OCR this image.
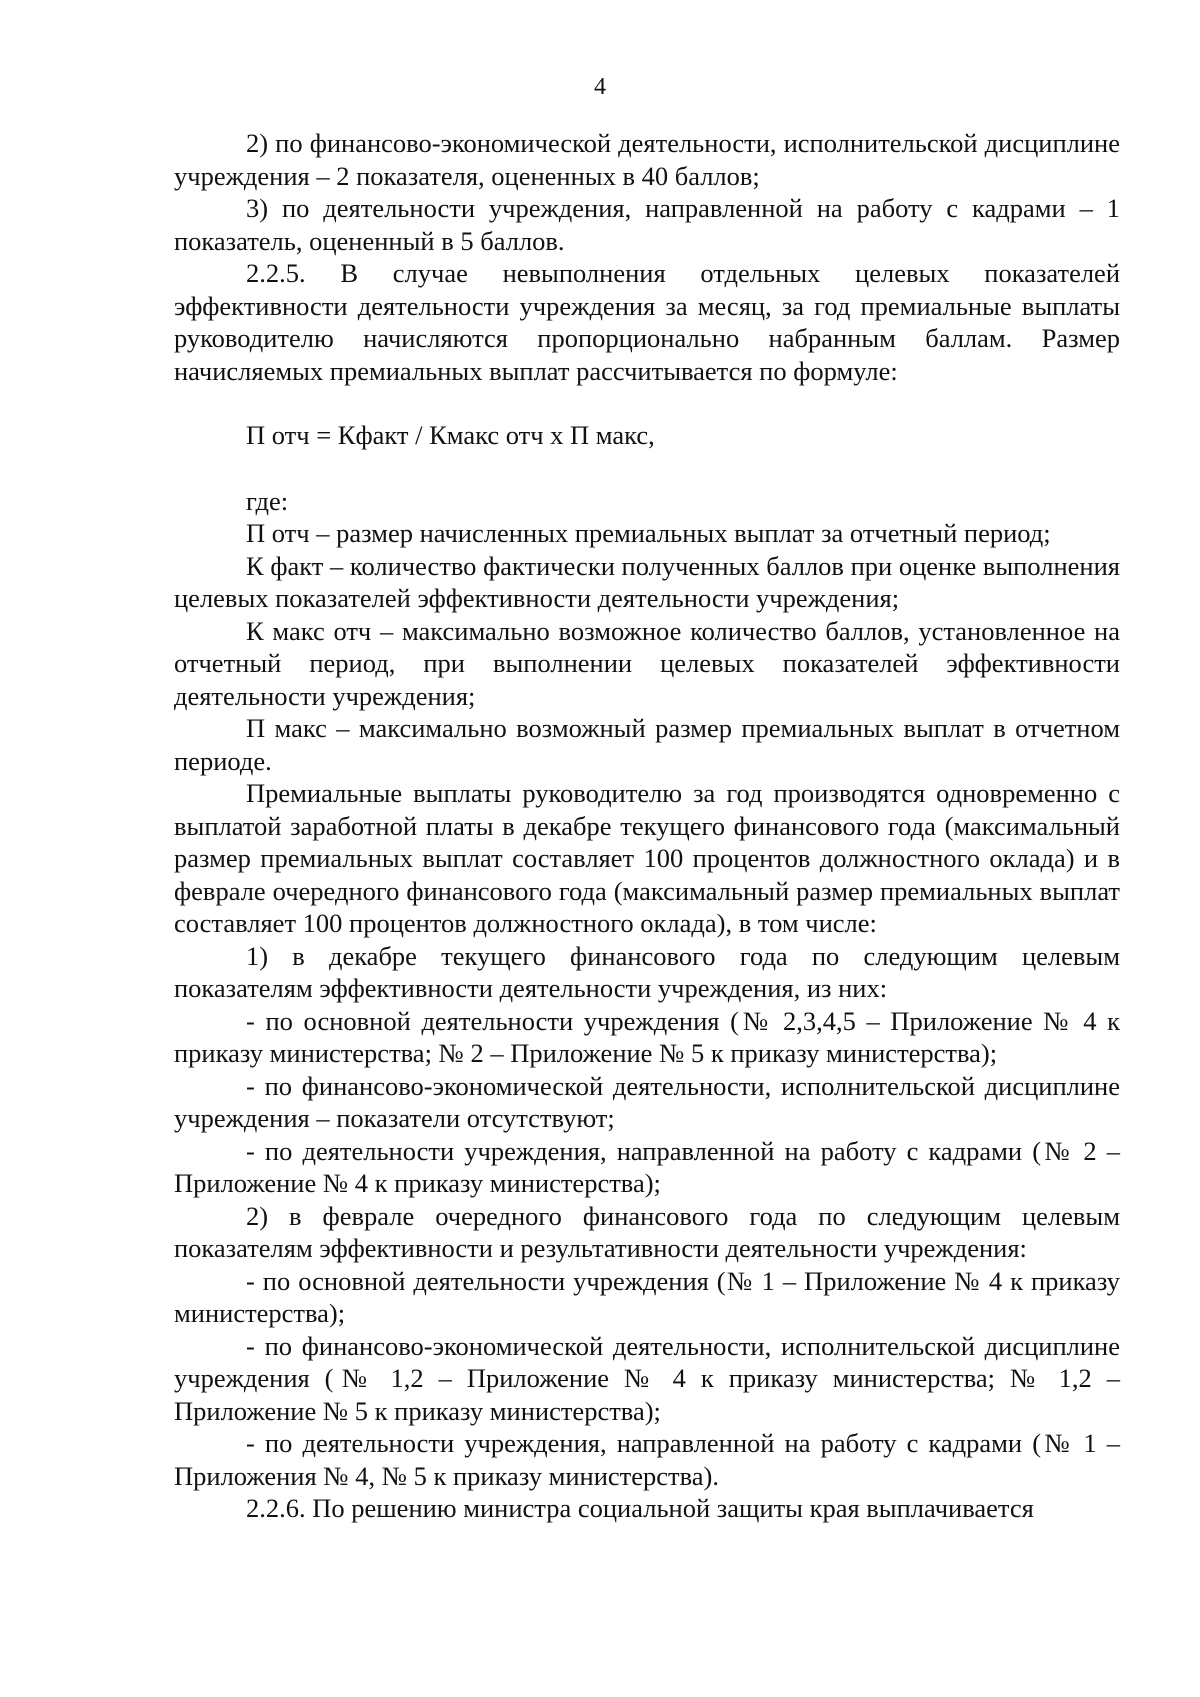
4

2) по финансово-экономической деятельности, исполнительской дисциплине учреждения – 2 показателя, оцененных в 40 баллов;

3) по деятельности учреждения, направленной на работу с кадрами – 1 показатель, оцененный в 5 баллов.

2.2.5. В случае невыполнения отдельных целевых показателей эффективности деятельности учреждения за месяц, за год премиальные выплаты руководителю начисляются пропорционально набранным баллам. Размер начисляемых премиальных выплат рассчитывается по формуле:

П отч = Кфакт / Кмакс отч х П макс,

где:

П отч – размер начисленных премиальных выплат за отчетный период;

К факт – количество фактически полученных баллов при оценке выполнения целевых показателей эффективности деятельности учреждения;

К макс отч – максимально возможное количество баллов, установленное на отчетный период, при выполнении целевых показателей эффективности деятельности учреждения;

П макс – максимально возможный размер премиальных выплат в отчетном периоде.

Премиальные выплаты руководителю за год производятся одновременно с выплатой заработной платы в декабре текущего финансового года (максимальный размер премиальных выплат составляет 100 процентов должностного оклада) и в феврале очередного финансового года (максимальный размер премиальных выплат составляет 100 процентов должностного оклада), в том числе:

1) в декабре текущего финансового года по следующим целевым показателям эффективности деятельности учреждения, из них:

- по основной деятельности учреждения (№ 2,3,4,5 – Приложение № 4 к приказу министерства; № 2 – Приложение № 5 к приказу министерства);

- по финансово-экономической деятельности, исполнительской дисциплине учреждения – показатели отсутствуют;

- по деятельности учреждения, направленной на работу с кадрами (№ 2 – Приложение № 4 к приказу министерства);

2) в феврале очередного финансового года по следующим целевым показателям эффективности и результативности деятельности учреждения:

- по основной деятельности учреждения (№ 1 – Приложение № 4 к приказу министерства);

- по финансово-экономической деятельности, исполнительской дисциплине учреждения (№ 1,2 – Приложение № 4 к приказу министерства; № 1,2 – Приложение № 5 к приказу министерства);

- по деятельности учреждения, направленной на работу с кадрами (№ 1 – Приложения № 4, № 5 к приказу министерства).

2.2.6. По решению министра социальной защиты края выплачивается
